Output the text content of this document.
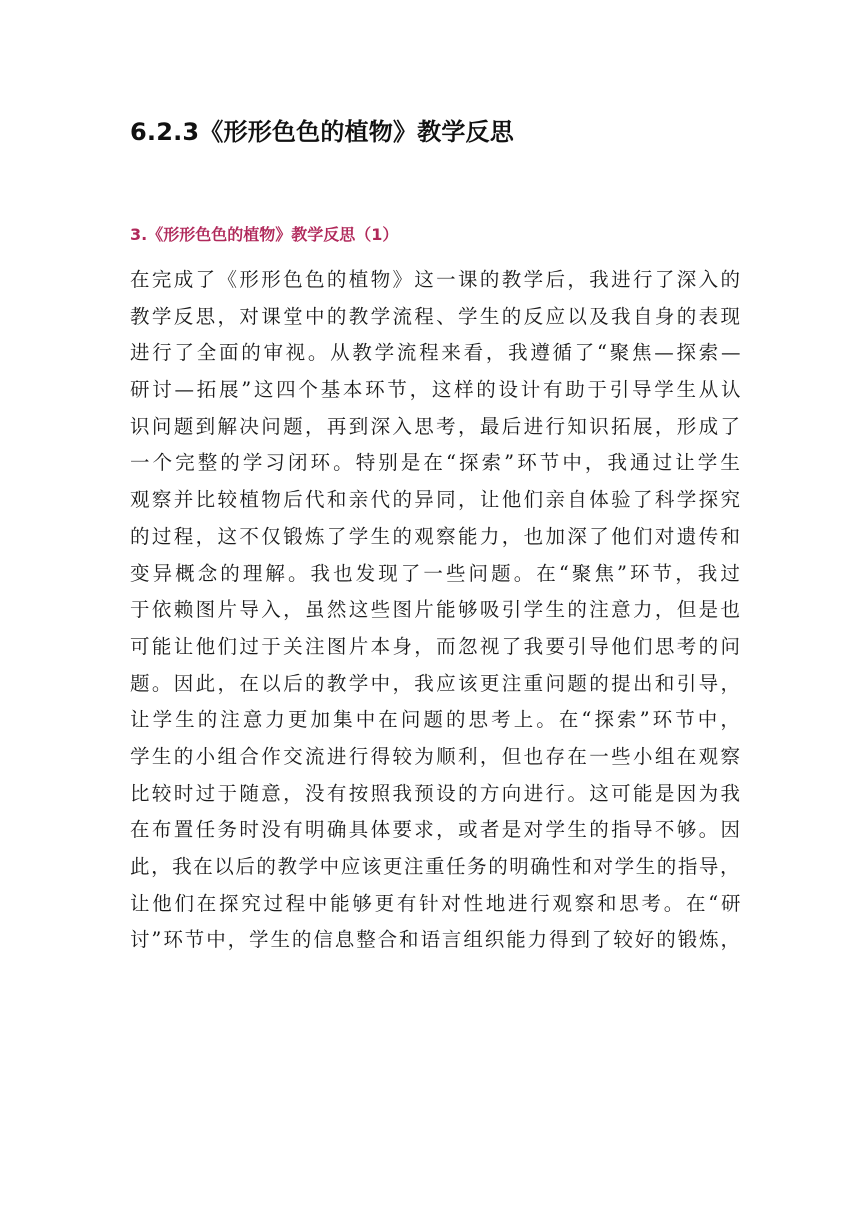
6.2.3《形形色色的植物》教学反思
3.《形形色色的植物》教学反思（1）
在完成了《形形色色的植物》这一课的教学后，我进行了深入的
教学反思，对课堂中的教学流程、学生的反应以及我自身的表现
进行了全面的审视。从教学流程来看，我遵循了“聚焦—探索—
研讨—拓展”这四个基本环节，这样的设计有助于引导学生从认
识问题到解决问题，再到深入思考，最后进行知识拓展，形成了
一个完整的学习闭环。特别是在“探索”环节中，我通过让学生
观察并比较植物后代和亲代的异同，让他们亲自体验了科学探究
的过程，这不仅锻炼了学生的观察能力，也加深了他们对遗传和
变异概念的理解。我也发现了一些问题。在“聚焦”环节，我过
于依赖图片导入，虽然这些图片能够吸引学生的注意力，但是也
可能让他们过于关注图片本身，而忽视了我要引导他们思考的问
题。因此，在以后的教学中，我应该更注重问题的提出和引导，
让学生的注意力更加集中在问题的思考上。在“探索”环节中，
学生的小组合作交流进行得较为顺利，但也存在一些小组在观察
比较时过于随意，没有按照我预设的方向进行。这可能是因为我
在布置任务时没有明确具体要求，或者是对学生的指导不够。因
此，我在以后的教学中应该更注重任务的明确性和对学生的指导，
让他们在探究过程中能够更有针对性地进行观察和思考。在“研
讨”环节中，学生的信息整合和语言组织能力得到了较好的锻炼，
